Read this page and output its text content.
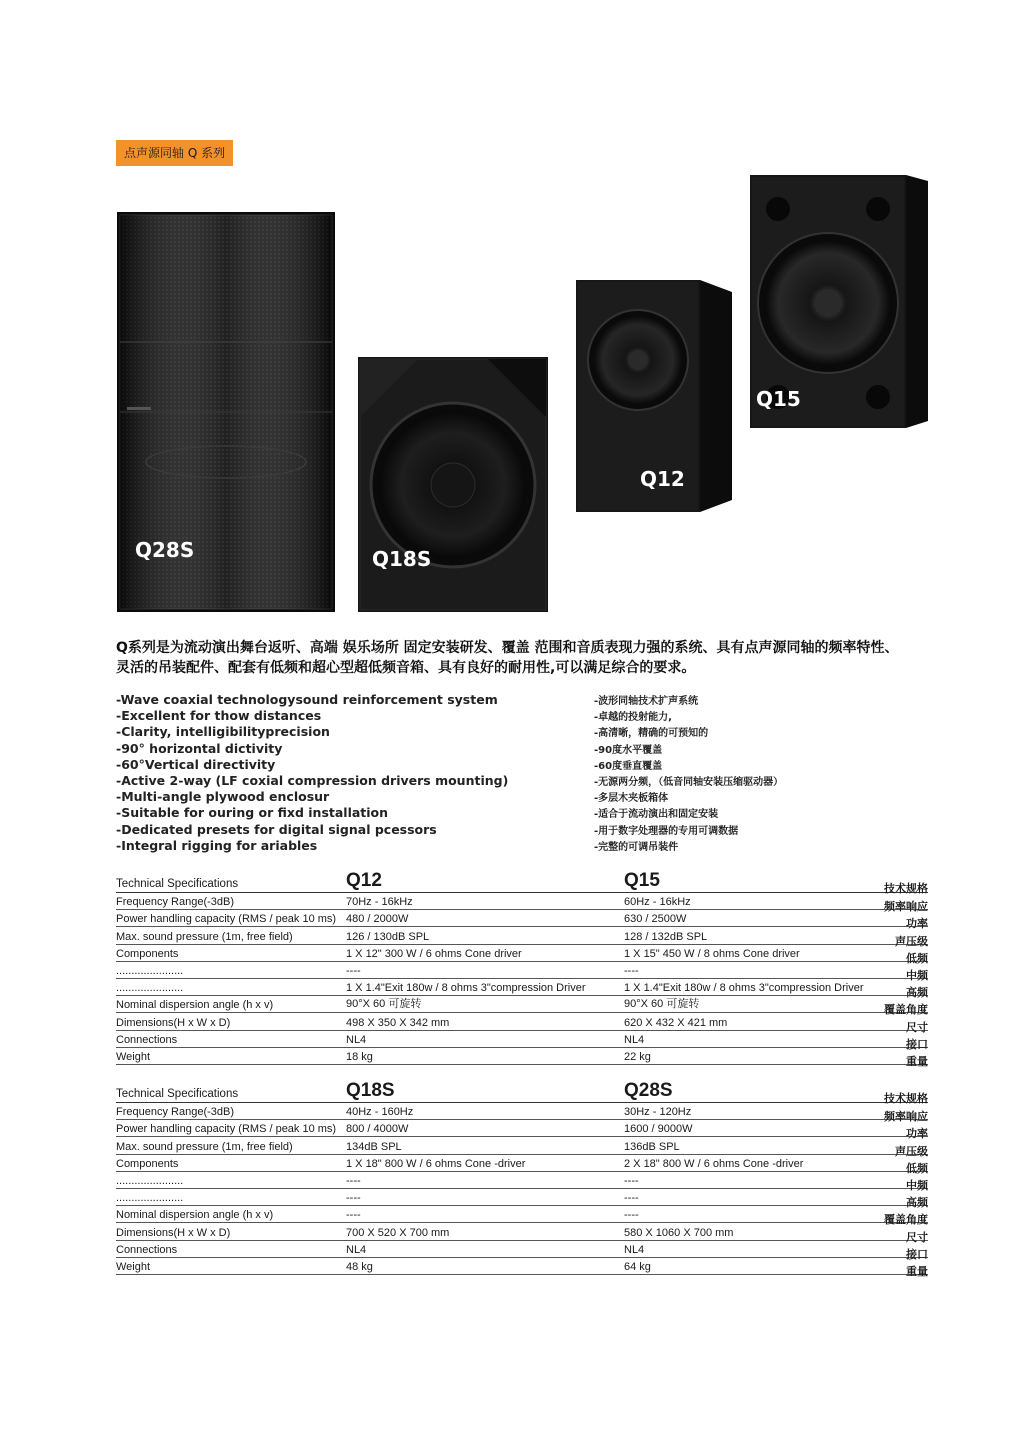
点声源同轴 Q 系列
Q28S	Q18S
Q12
Q15
Q系列是为流动演出舞台返听、高端 娱乐场所 固定安装研发、覆盖 范围和音质表现力强的系统、具有点声源同轴的频率特性、
灵活的吊装配件、配套有低频和超心型超低频音箱、具有良好的耐用性,可以满足综合的要求。
-Wave coaxial technologysound reinforcement system
-Excellent for thow distances
-Clarity, intelligibilityprecision
-90° horizontal dictivity
-60°Vertical directivity
-Active 2-way (LF coxial compression drivers mounting)
-Multi-angle plywood enclosur
-Suitable for ouring or fixd installation
-Dedicated presets for digital signal pcessors
-Integral rigging for ariables
-波形同轴技术扩声系统
-卓越的投射能力,
-高清晰，精确的可预知的
-90度水平覆盖
-60度垂直覆盖
-无源两分频，（低音同轴安装压缩驱动器）
-多层木夹板箱体
-适合于流动演出和固定安装
-用于数字处理器的专用可调数据
-完整的可调吊装件
Technical Specifications	Q12	Q15	技术规格
Frequency Range(-3dB)	70Hz - 16kHz	60Hz - 16kHz	频率响应
Power handling capacity (RMS / peak 10 ms) 480 / 2000W	630 / 2500W	功率
Max. sound pressure (1m, free field)	126 / 130dB SPL	128 / 132dB SPL	声压级
Components	1 X 12" 300 W / 6 ohms Cone driver	1 X 15" 450 W / 8 ohms Cone driver	低频
......................	----	----	中频
......................	1 X 1.4"Exit 180w / 8 ohms 3"compression Driver	1 X 1.4"Exit 180w / 8 ohms 3"compression Driver	高频
Nominal dispersion angle (h x v)	90°X 60 可旋转	90°X 60 可旋转	覆盖角度
Dimensions(H x W x D)	498 X 350 X 342 mm	620 X 432 X 421 mm	尺寸
Connections	NL4	NL4	接口
Weight	18 kg	22 kg	重量
Technical Specifications	Q18S	Q28S	技术规格
Frequency Range(-3dB)	40Hz - 160Hz	30Hz - 120Hz	频率响应
Power handling capacity (RMS / peak 10 ms) 800 / 4000W	1600 / 9000W	功率
Max. sound pressure (1m, free field)	134dB SPL	136dB SPL	声压级
Components	1 X 18" 800 W / 6 ohms Cone -driver	2 X 18" 800 W / 6 ohms Cone -driver	低频
......................	----	----	中频
......................	----	----	高频
Nominal dispersion angle (h x v)	----	----	覆盖角度
Dimensions(H x W x D)	700 X 520 X 700 mm	580 X 1060 X 700 mm	尺寸
Connections	NL4	NL4	接口
Weight	48 kg	64 kg	重量
